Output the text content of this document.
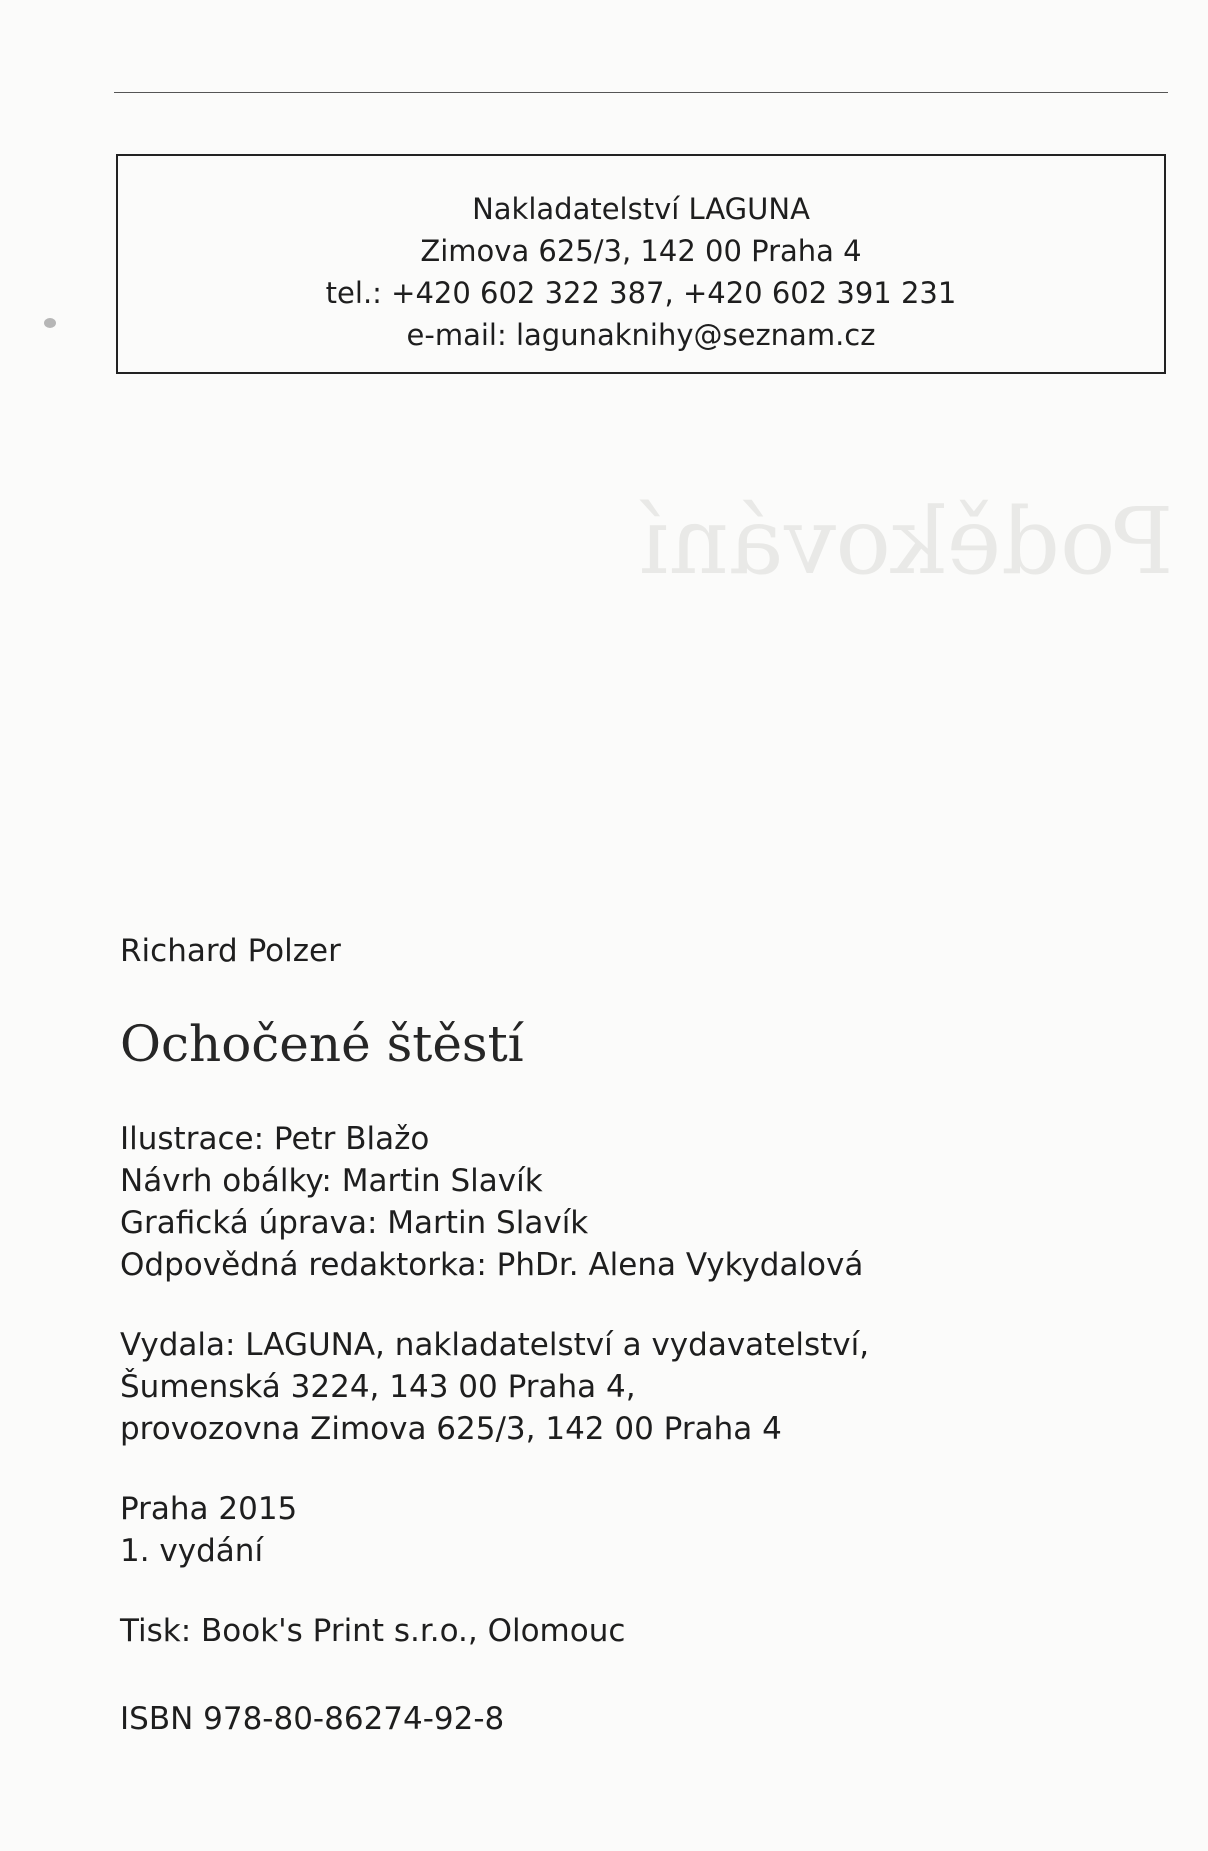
Nakladatelství LAGUNA
Zimova 625/3, 142 00 Praha 4
tel.: +420 602 322 387, +420 602 391 231
e-mail: lagunaknihy@seznam.cz
Poděkování
Richard Polzer
Ochočené štěstí
Ilustrace: Petr Blažo
Návrh obálky: Martin Slavík
Grafická úprava: Martin Slavík
Odpovědná redaktorka: PhDr. Alena Vykydalová
Vydala: LAGUNA, nakladatelství a vydavatelství,
Šumenská 3224, 143 00 Praha 4,
provozovna Zimova 625/3, 142 00 Praha 4
Praha 2015
1. vydání
Tisk: Book's Print s.r.o., Olomouc
ISBN 978-80-86274-92-8
